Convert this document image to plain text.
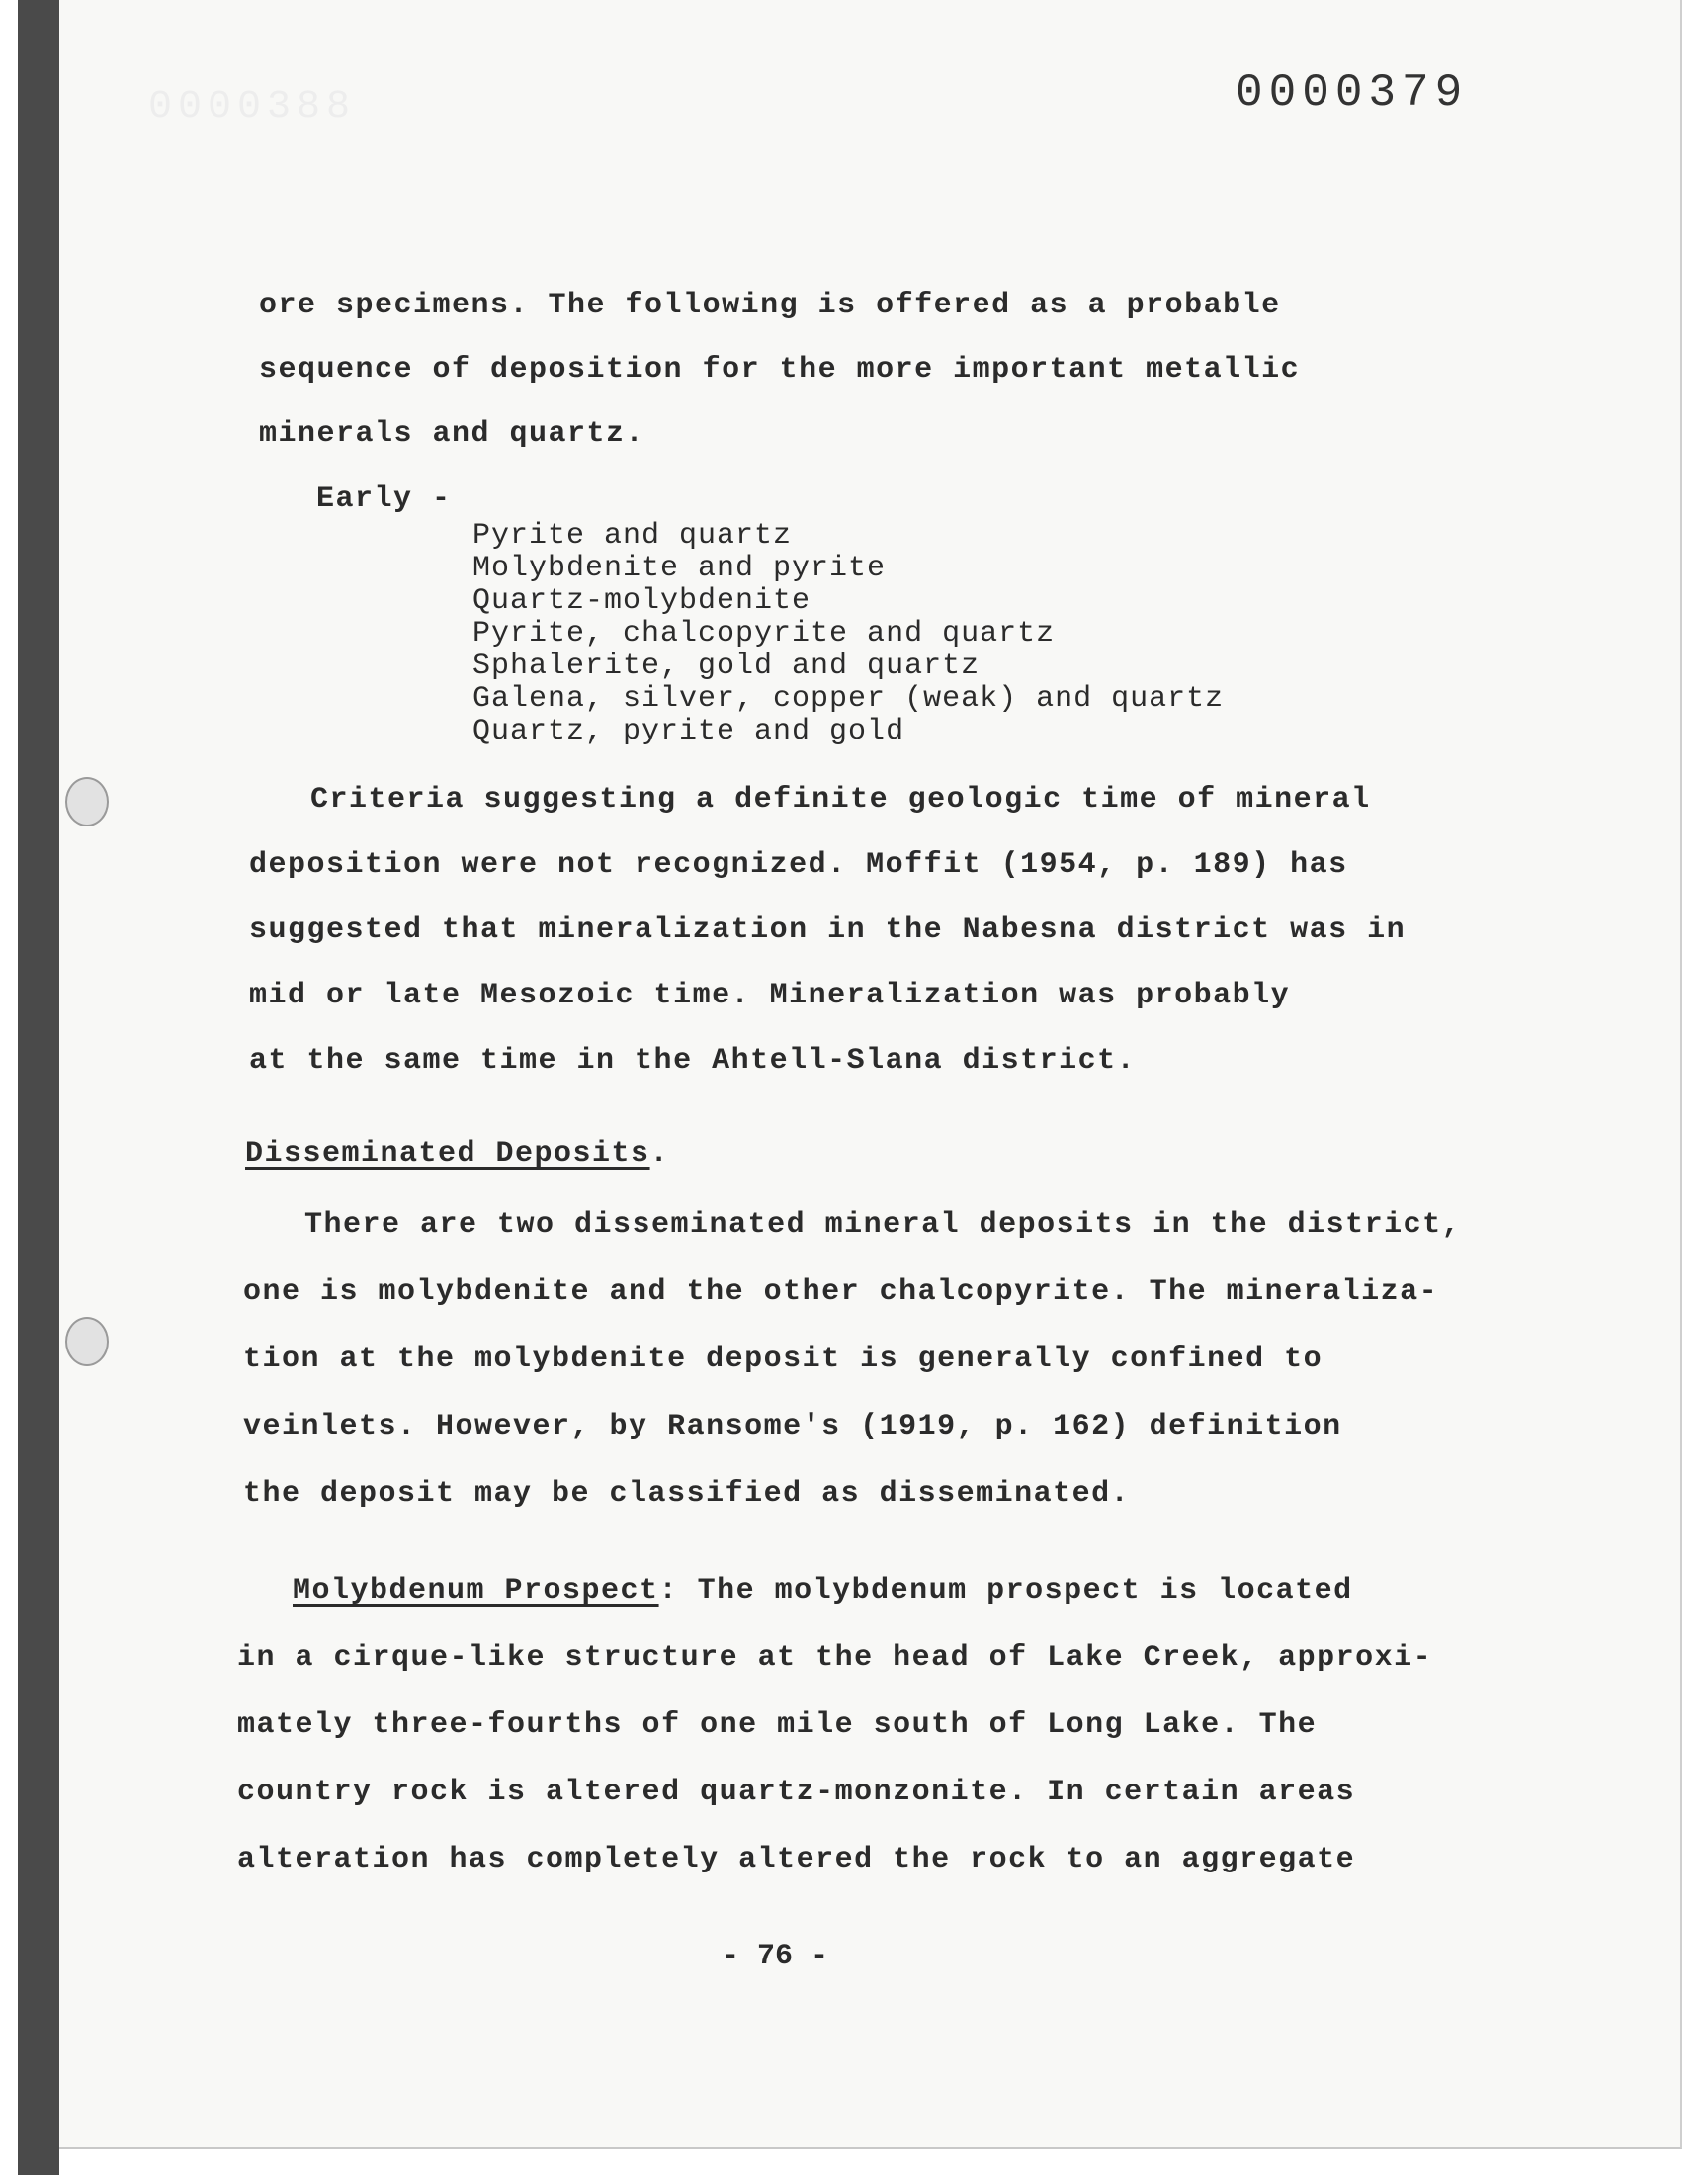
0000388	0000379
ore specimens. The following is offered as a probable
sequence of deposition for the more important metallic
minerals and quartz.
Early -
Pyrite and quartz
Molybdenite and pyrite
Quartz-molybdenite
Pyrite, chalcopyrite and quartz
Sphalerite, gold and quartz
Galena, silver, copper (weak) and quartz
Quartz, pyrite and gold
Criteria suggesting a definite geologic time of mineral
deposition were not recognized. Moffit (1954, p. 189) has
suggested that mineralization in the Nabesna district was in
mid or late Mesozoic time. Mineralization was probably
at the same time in the Ahtell-Slana district.
Disseminated Deposits.
There are two disseminated mineral deposits in the district,
one is molybdenite and the other chalcopyrite. The mineraliza-
tion at the molybdenite deposit is generally confined to
veinlets. However, by Ransome's (1919, p. 162) definition
the deposit may be classified as disseminated.
Molybdenum Prospect: The molybdenum prospect is located
in a cirque-like structure at the head of Lake Creek, approxi-
mately three-fourths of one mile south of Long Lake. The
country rock is altered quartz-monzonite. In certain areas
alteration has completely altered the rock to an aggregate
- 76 -
